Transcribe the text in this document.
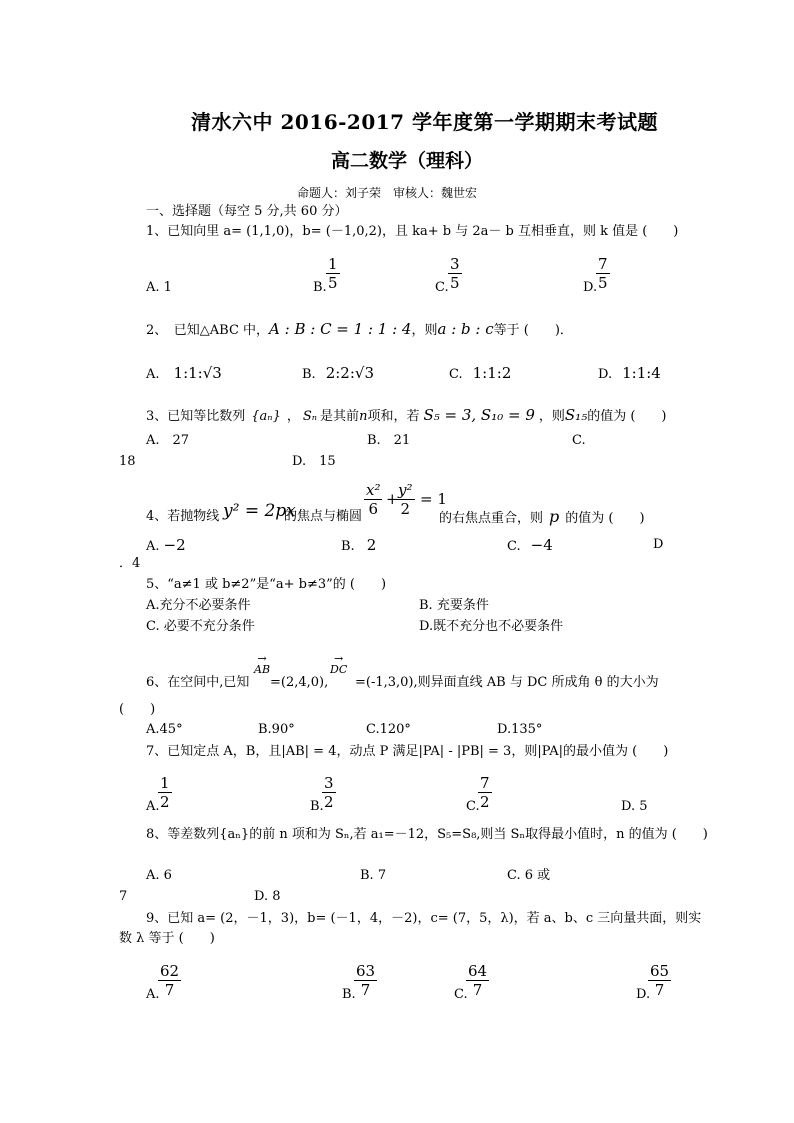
清水六中 2016-2017 学年度第一学期期末考试题
高二数学（理科）
命题人：刘子荣　审核人：魏世宏
一、选择题（每空 5 分,共 60 分）
1、已知向里 a= (1,1,0)，b= (－1,0,2)，且 ka+ b 与 2a－ b 互相垂直，则 k 值是 (　　)
A. 1	B.
1
5	C.
3
5	D.
7
5
2、　已知△ABC 中，A : B : C = 1 : 1 : 4，则a : b : c等于 (　　)．
A. 1:1:√3	B. 2:2:√3	C. 1:1:2	D. 1:1:4
3、已知等比数列 {aₙ} ， Sₙ 是其前n项和，若 S₅ = 3, S₁₀ = 9 ，则S₁₅的值为 (　　)
A.　27	B.　21	C.
18	D.　15
4、若抛物线 y² = 2px
的焦点与椭圆
x²
6
+ y²
2
= 1
的右焦点重合，则 p 的值为 (　　)
A. −2	B. 2	C. −4	D
．4
5、“a≠1 或 b≠2”是“a+ b≠3”的 (　　)
A.充分不必要条件	B. 充要条件
C. 必要不充分条件	D.既不充分也不必要条件
6、在空间中,已知
→
AB
=(2,4,0),
→
DC
=(-1,3,0),则异面直线 AB 与 DC 所成角 θ 的大小为
(　　)
A.45°	B.90°	C.120°	D.135°
7、已知定点 A，B，且|AB| = 4，动点 P 满足|PA| - |PB| = 3，则|PA|的最小值为 (　　)
A.
1
2	B.
3
2	C.
7
2	D. 5
8、等差数列{aₙ}的前 n 项和为 Sₙ,若 a₁=－12，S₅=S₈,则当 Sₙ取得最小值时，n 的值为 (　　)
A. 6	B. 7	C. 6 或
7	D. 8
9、已知 a= (2，－1，3)，b= (－1，4，－2)，c= (7，5，λ)，若 a、b、c 三向量共面，则实
数 λ 等于 (　　)
A.
62
7	B.
63
7	C.
64
7	D.
65
7
